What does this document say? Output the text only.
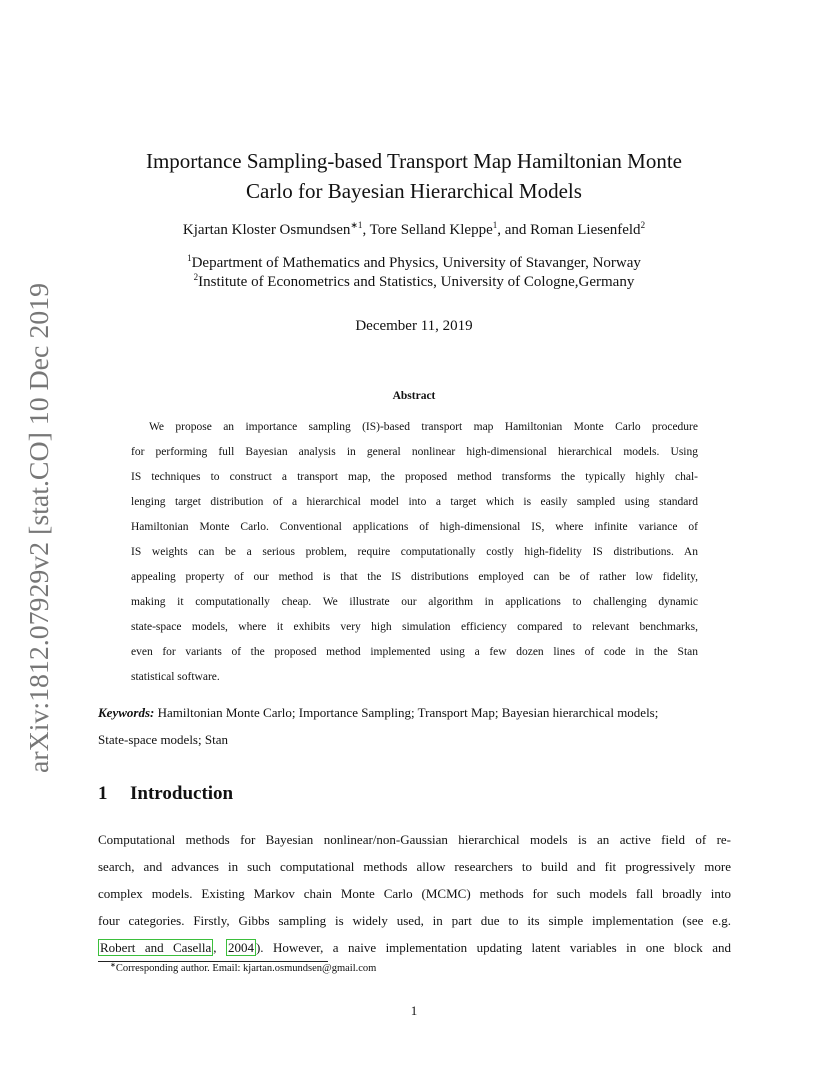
arXiv:1812.07929v2 [stat.CO] 10 Dec 2019
Importance Sampling-based Transport Map Hamiltonian Monte
Carlo for Bayesian Hierarchical Models
Kjartan Kloster Osmundsen$^{∗1}$, Tore Selland Kleppe$^1$, and Roman Liesenfeld$^2$
$^1$Department of Mathematics and Physics, University of Stavanger, Norway
$^2$Institute of Econometrics and Statistics, University of Cologne,Germany
December 11, 2019
Abstract
We propose an importance sampling (IS)-based transport map Hamiltonian Monte Carlo procedure
for performing full Bayesian analysis in general nonlinear high-dimensional hierarchical models. Using
IS techniques to construct a transport map, the proposed method transforms the typically highly chal-
lenging target distribution of a hierarchical model into a target which is easily sampled using standard
Hamiltonian Monte Carlo. Conventional applications of high-dimensional IS, where infinite variance of
IS weights can be a serious problem, require computationally costly high-fidelity IS distributions. An
appealing property of our method is that the IS distributions employed can be of rather low fidelity,
making it computationally cheap. We illustrate our algorithm in applications to challenging dynamic
state-space models, where it exhibits very high simulation efficiency compared to relevant benchmarks,
even for variants of the proposed method implemented using a few dozen lines of code in the Stan
statistical software.
Keywords: Hamiltonian Monte Carlo; Importance Sampling; Transport Map; Bayesian hierarchical models;
State-space models; Stan
1 Introduction
Computational methods for Bayesian nonlinear/non-Gaussian hierarchical models is an active field of re-
search, and advances in such computational methods allow researchers to build and fit progressively more
complex models. Existing Markov chain Monte Carlo (MCMC) methods for such models fall broadly into
four categories. Firstly, Gibbs sampling is widely used, in part due to its simple implementation (see e.g.
Robert and Casella , 2004 ). However, a naive implementation updating latent variables in one block and
∗Corresponding author. Email: kjartan.osmundsen@gmail.com
1
